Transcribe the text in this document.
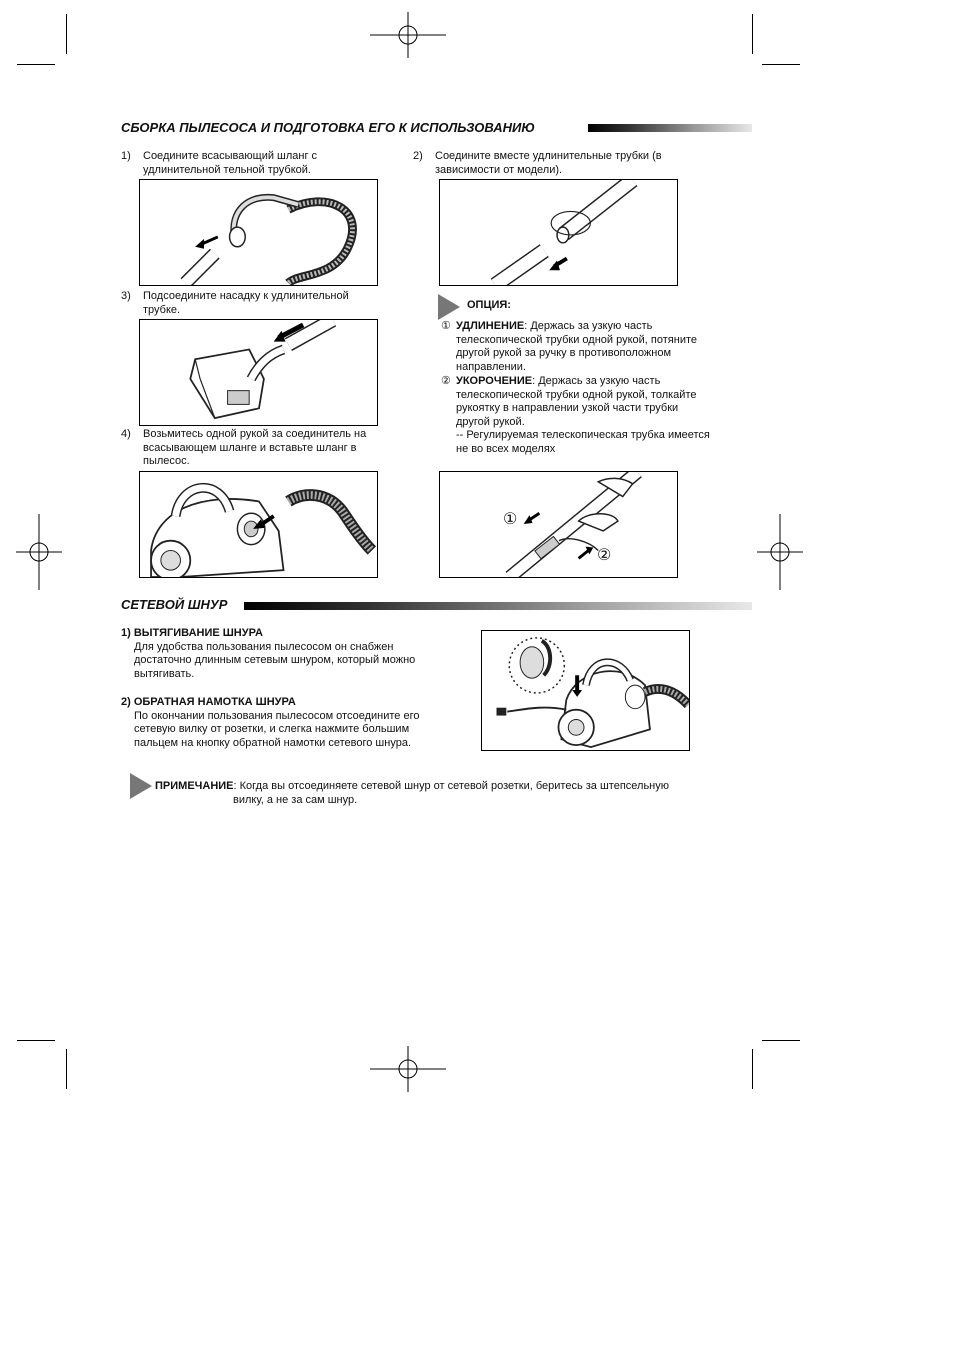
СБОРКА ПЫЛЕСОСА И ПОДГОТОВКА ЕГО К ИСПОЛЬЗОВАНИЮ
1) Соедините всасывающий шланг с
удлинительной тельной трубкой.
2) Соедините вместе удлинительные трубки (в
зависимости от модели).
3) Подсоедините насадку к удлинительной
трубке.	ОПЦИЯ:
① УДЛИНЕНИЕ: Держась за узкую часть
телескопической трубки одной рукой, потяните
другой рукой за ручку в противоположном
направлении.
② УКОРОЧЕНИЕ: Держась за узкую часть
телескопической трубки одной рукой, толкайте
рукоятку в направлении узкой части трубки
другой рукой.
-- Регулируемая телескопическая трубка имеется
не во всех моделях
4) Возьмитесь одной рукой за соединитель на
всасывающем шланге и вставьте шланг в
пылесос.
①
②
СЕТЕВОЙ ШНУР
1) ВЫТЯГИВАНИЕ ШНУРА
Для удобства пользования пылесосом он снабжен
достаточно длинным сетевым шнуром, который можно
вытягивать.
2) ОБРАТНАЯ НАМОТКА ШНУРА
По окончании пользования пылесосом отсоедините его
сетевую вилку от розетки, и слегка нажмите большим
пальцем на кнопку обратной намотки сетевого шнура.
ПРИМЕЧАНИЕ: Когда вы отсоединяете сетевой шнур от сетевой розетки, беритесь за штепсельную
вилку, а не за сам шнур.
